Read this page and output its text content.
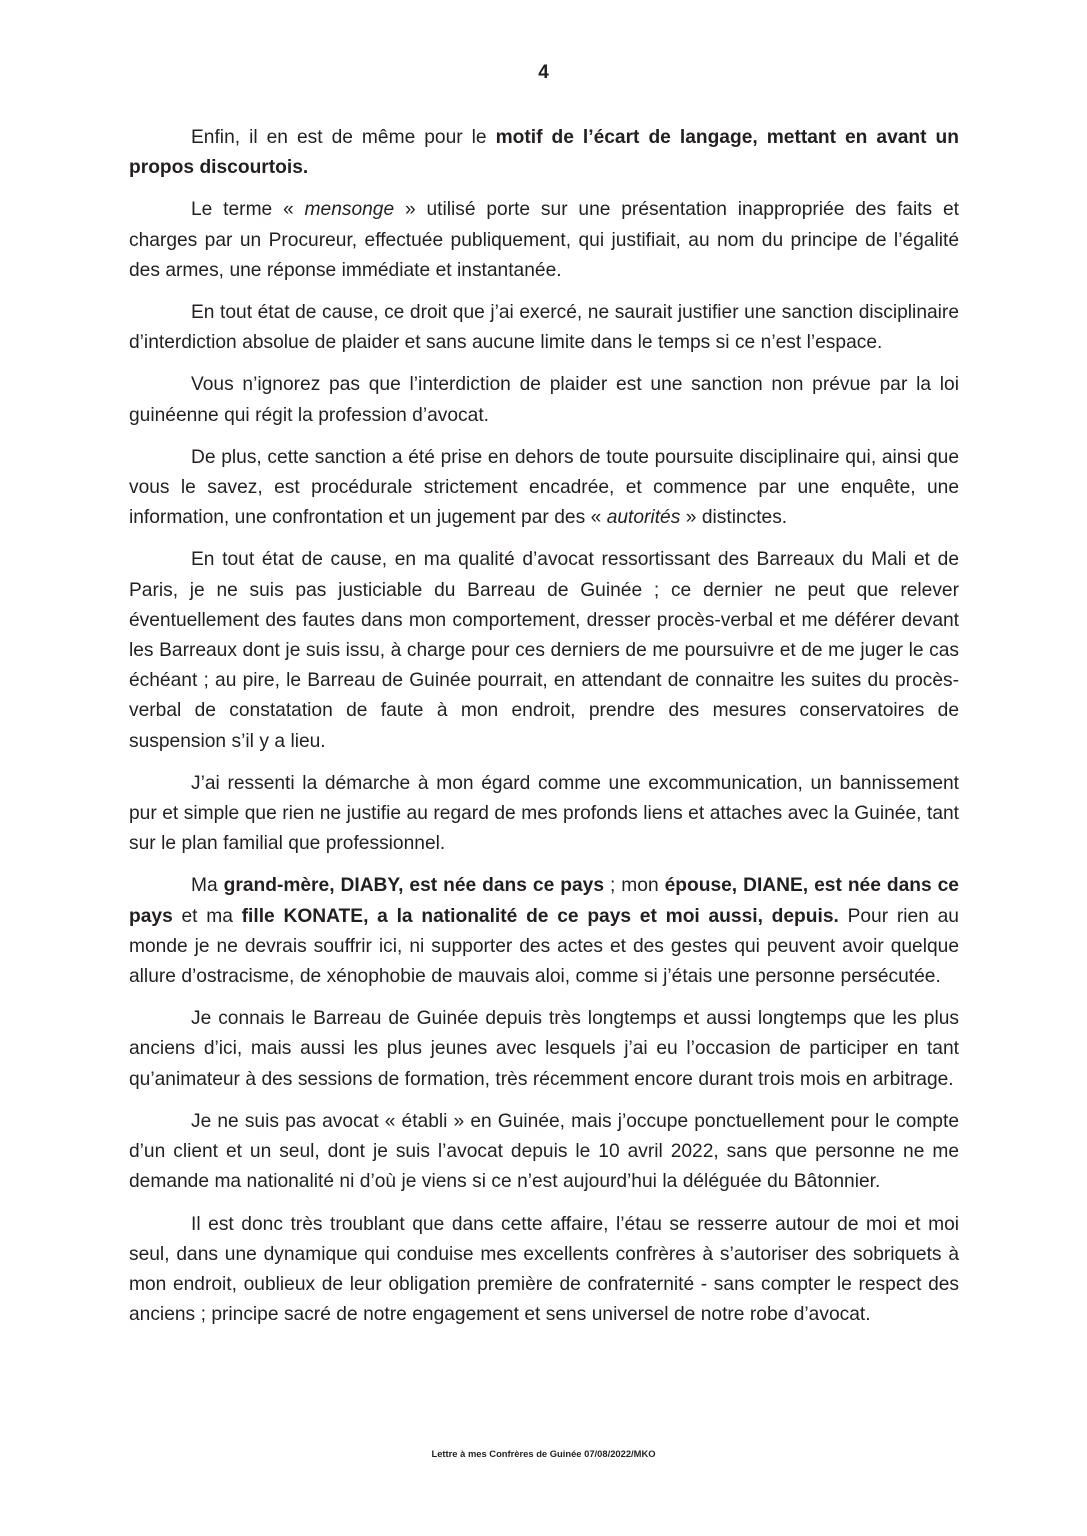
4

Enfin, il en est de même pour le motif de l’écart de langage, mettant en avant un propos discourtois.

Le terme « mensonge » utilisé porte sur une présentation inappropriée des faits et charges par un Procureur, effectuée publiquement, qui justifiait, au nom du principe de l’égalité des armes, une réponse immédiate et instantanée.

En tout état de cause, ce droit que j’ai exercé, ne saurait justifier une sanction disciplinaire d’interdiction absolue de plaider et sans aucune limite dans le temps si ce n’est l’espace.

Vous n’ignorez pas que l’interdiction de plaider est une sanction non prévue par la loi guinéenne qui régit la profession d’avocat.

De plus, cette sanction a été prise en dehors de toute poursuite disciplinaire qui, ainsi que vous le savez, est procédurale strictement encadrée, et commence par une enquête, une information, une confrontation et un jugement par des « autorités » distinctes.

En tout état de cause, en ma qualité d’avocat ressortissant des Barreaux du Mali et de Paris, je ne suis pas justiciable du Barreau de Guinée ; ce dernier ne peut que relever éventuellement des fautes dans mon comportement, dresser procès-verbal et me déférer devant les Barreaux dont je suis issu, à charge pour ces derniers de me poursuivre et de me juger le cas échéant ; au pire, le Barreau de Guinée pourrait, en attendant de connaitre les suites du procès-verbal de constatation de faute à mon endroit, prendre des mesures conservatoires de suspension s’il y a lieu.

J’ai ressenti la démarche à mon égard comme une excommunication, un bannissement pur et simple que rien ne justifie au regard de mes profonds liens et attaches avec la Guinée, tant sur le plan familial que professionnel.

Ma grand-mère, DIABY, est née dans ce pays ; mon épouse, DIANE, est née dans ce pays et ma fille KONATE, a la nationalité de ce pays et moi aussi, depuis. Pour rien au monde je ne devrais souffrir ici, ni supporter des actes et des gestes qui peuvent avoir quelque allure d’ostracisme, de xénophobie de mauvais aloi, comme si j’étais une personne persécutée.

Je connais le Barreau de Guinée depuis très longtemps et aussi longtemps que les plus anciens d’ici, mais aussi les plus jeunes avec lesquels j’ai eu l’occasion de participer en tant qu’animateur à des sessions de formation, très récemment encore durant trois mois en arbitrage.

Je ne suis pas avocat « établi » en Guinée, mais j’occupe ponctuellement pour le compte d’un client et un seul, dont je suis l’avocat depuis le 10 avril 2022, sans que personne ne me demande ma nationalité ni d’où je viens si ce n’est aujourd’hui la déléguée du Bâtonnier.

Il est donc très troublant que dans cette affaire, l’étau se resserre autour de moi et moi seul, dans une dynamique qui conduise mes excellents confrères à s’autoriser des sobriquets à mon endroit, oublieux de leur obligation première de confraternité - sans compter le respect des anciens ; principe sacré de notre engagement et sens universel de notre robe d’avocat.

Lettre à mes Confrères de Guinée 07/08/2022/MKO
